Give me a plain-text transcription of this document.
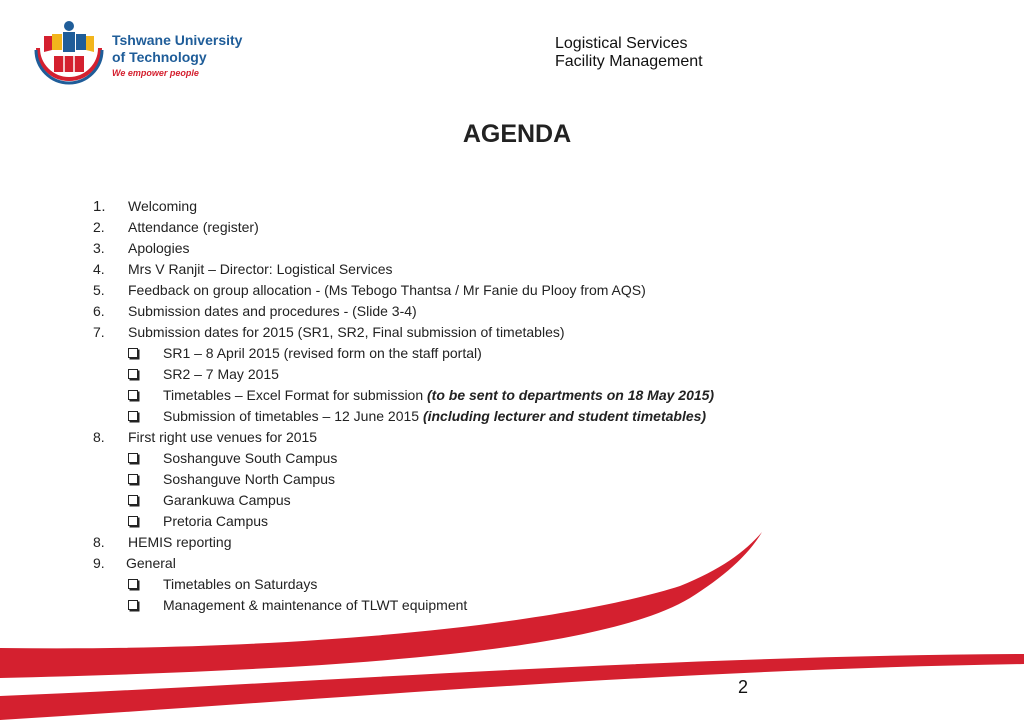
Tshwane University
of Technology
We empower people
Logistical Services
Facility Management
AGENDA
1.	Welcoming
2.	Attendance (register)
3.	Apologies
4.	Mrs V Ranjit – Director: Logistical Services
5.	Feedback on group allocation - (Ms Tebogo Thantsa / Mr Fanie du Plooy from AQS)
6.	Submission dates and procedures - (Slide 3-4)
7.	Submission dates for 2015 (SR1, SR2, Final submission of timetables)
SR1 – 8 April 2015 (revised form on the staff portal)
SR2 – 7 May 2015
Timetables – Excel Format for submission (to be sent to departments on 18 May 2015)
Submission of timetables – 12 June 2015 (including lecturer and student timetables)
8.	First right use venues for 2015
Soshanguve South Campus
Soshanguve North Campus
Garankuwa Campus
Pretoria Campus
8.	HEMIS reporting
9.	General
Timetables on Saturdays
Management & maintenance of TLWT equipment
2
